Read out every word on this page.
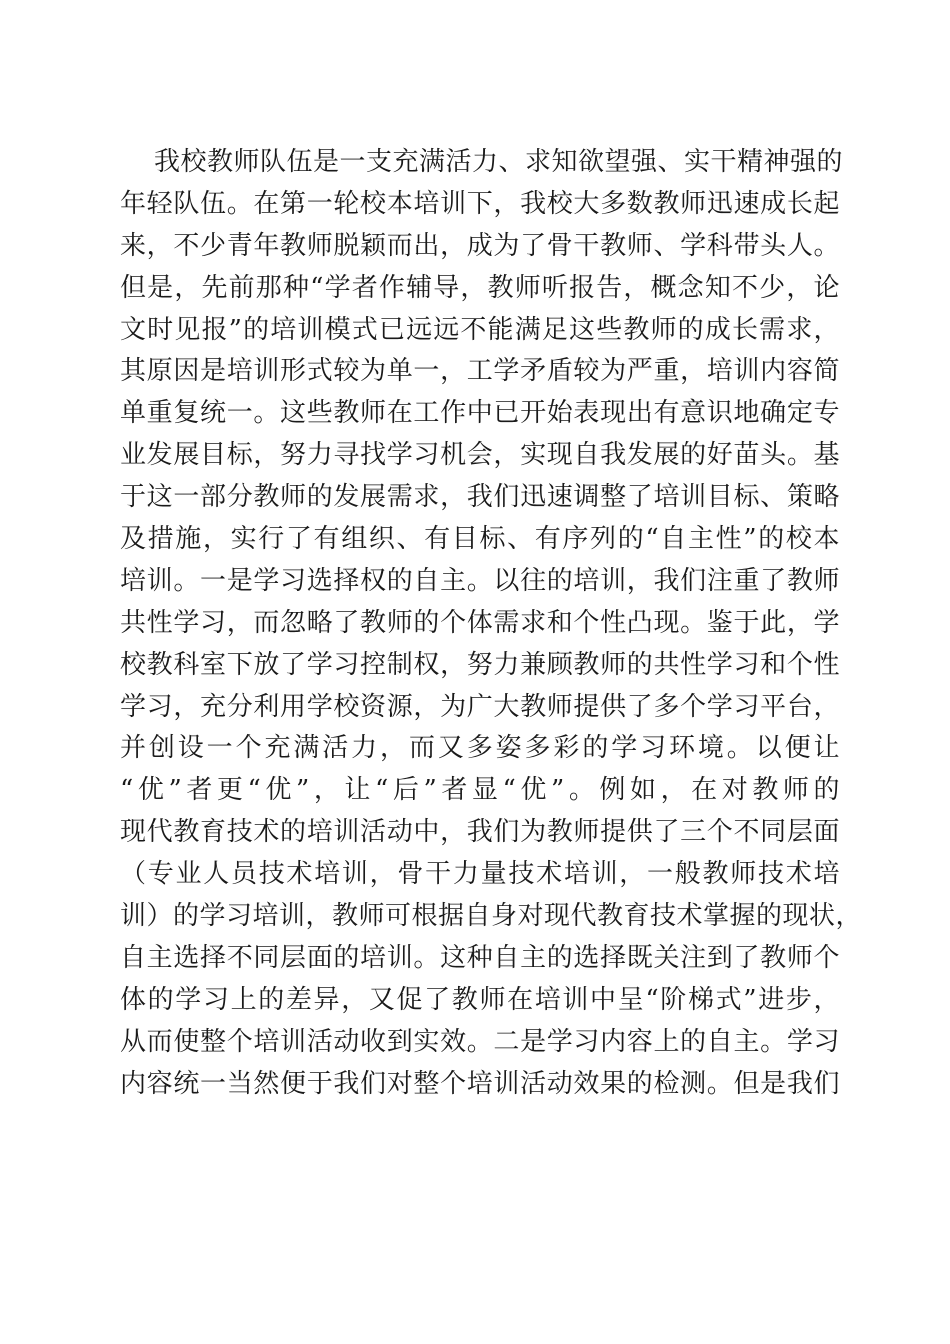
我校教师队伍是一支充满活力、求知欲望强、实干精神强的
年轻队伍。在第一轮校本培训下，我校大多数教师迅速成长起
来，不少青年教师脱颖而出，成为了骨干教师、学科带头人。
但是，先前那种“学者作辅导，教师听报告，概念知不少，论
文时见报”的培训模式已远远不能满足这些教师的成长需求，
其原因是培训形式较为单一，工学矛盾较为严重，培训内容简
单重复统一。这些教师在工作中已开始表现出有意识地确定专
业发展目标，努力寻找学习机会，实现自我发展的好苗头。基
于这一部分教师的发展需求，我们迅速调整了培训目标、策略
及措施，实行了有组织、有目标、有序列的“自主性”的校本
培训。一是学习选择权的自主。以往的培训，我们注重了教师
共性学习，而忽略了教师的个体需求和个性凸现。鉴于此，学
校教科室下放了学习控制权，努力兼顾教师的共性学习和个性
学习，充分利用学校资源，为广大教师提供了多个学习平台，
并创设一个充满活力，而又多姿多彩的学习环境。以便让
“优”者更“优”，让“后”者显“优”。例如，在对教师的
现代教育技术的培训活动中，我们为教师提供了三个不同层面
（专业人员技术培训，骨干力量技术培训，一般教师技术培
训）的学习培训，教师可根据自身对现代教育技术掌握的现状，
自主选择不同层面的培训。这种自主的选择既关注到了教师个
体的学习上的差异，又促了教师在培训中呈“阶梯式”进步，
从而使整个培训活动收到实效。二是学习内容上的自主。学习
内容统一当然便于我们对整个培训活动效果的检测。但是我们
